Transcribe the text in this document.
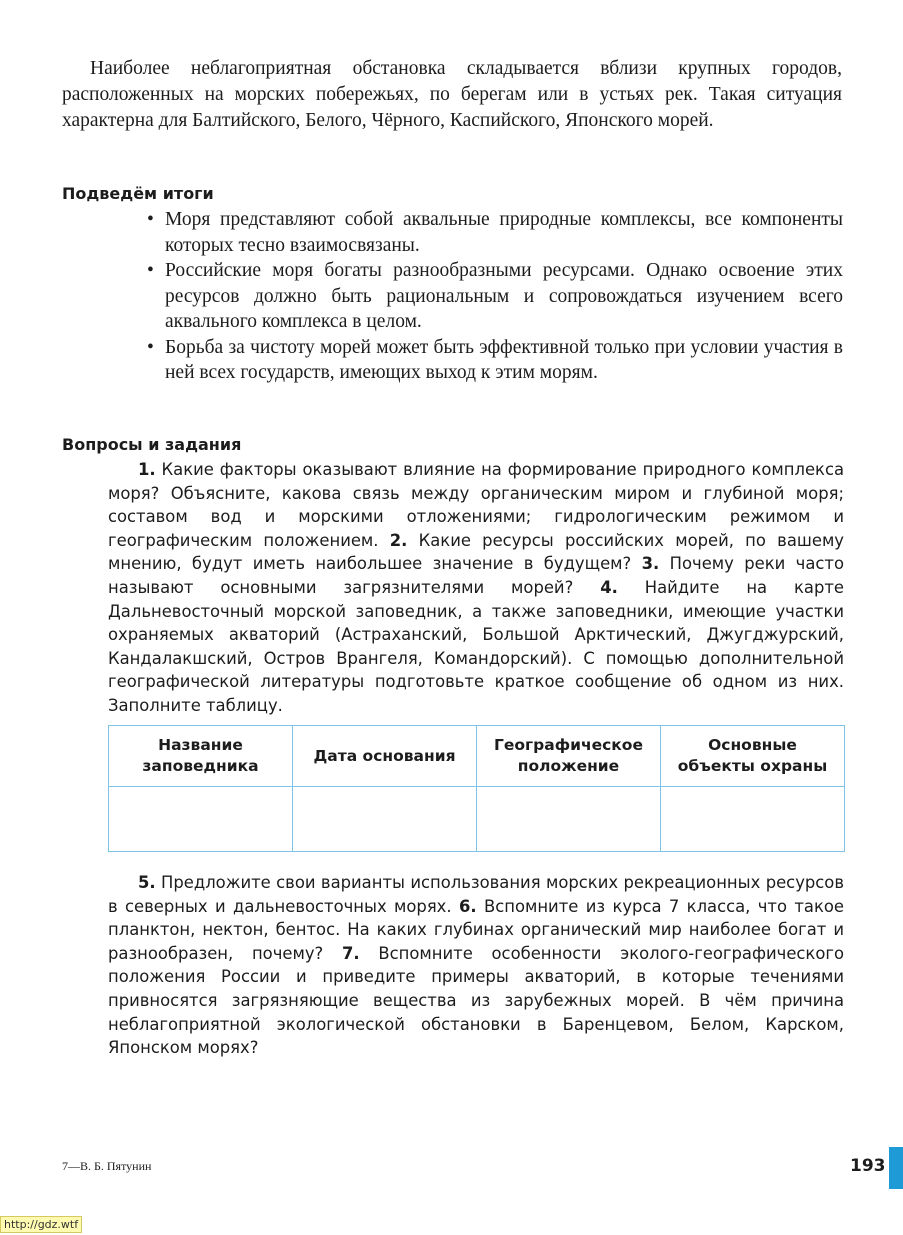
Наиболее неблагоприятная обстановка складывается вблизи крупных городов, расположенных на морских побережьях, по берегам или в устьях рек. Такая ситуация характерна для Балтийского, Белого, Чёрного, Каспийского, Японского морей.

Подведём итоги
• Моря представляют собой аквальные природные комплексы, все компоненты которых тесно взаимосвязаны.
• Российские моря богаты разнообразными ресурсами. Однако освоение этих ресурсов должно быть рациональным и сопровождаться изучением всего аквального комплекса в целом.
• Борьба за чистоту морей может быть эффективной только при условии участия в ней всех государств, имеющих выход к этим морям.
Вопросы и задания

1. Какие факторы оказывают влияние на формирование природного комплекса моря? Объясните, какова связь между органическим миром и глубиной моря; составом вод и морскими отложениями; гидрологическим режимом и географическим положением. 2. Какие ресурсы российских морей, по вашему мнению, будут иметь наибольшее значение в будущем? 3. Почему реки часто называют основными загрязнителями морей? 4. Найдите на карте Дальневосточный морской заповедник, а также заповедники, имеющие участки охраняемых акваторий (Астраханский, Большой Арктический, Джугджурский, Кандалакшский, Остров Врангеля, Командорский). С помощью дополнительной географической литературы подготовьте краткое сообщение об одном из них. Заполните таблицу.

Название заповедника	Дата основания	Географическое положение	Основные объекты охраны

5. Предложите свои варианты использования морских рекреационных ресурсов в северных и дальневосточных морях. 6. Вспомните из курса 7 класса, что такое планктон, нектон, бентос. На каких глубинах органический мир наиболее богат и разнообразен, почему? 7. Вспомните особенности эколого-географического положения России и приведите примеры акваторий, в которые течениями привносятся загрязняющие вещества из зарубежных морей. В чём причина неблагоприятной экологической обстановки в Баренцевом, Белом, Карском, Японском морях?

7—В. Б. Пятунин	193
http://gdz.wtf
